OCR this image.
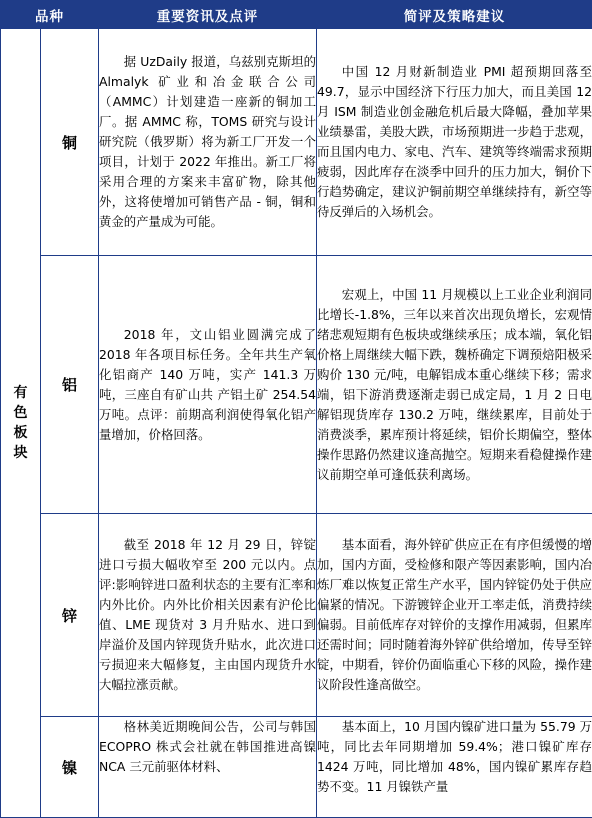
品种		重要资讯及点评	简评及策略建议
有色板块	铜	据 UzDaily 报道，乌兹别克斯坦的 Almalyk 矿业和冶金联合公司（AMMC）计划建造一座新的铜加工厂。据 AMMC 称，TOMS 研究与设计研究院（俄罗斯）将为新工厂开发一个项目，计划于 2022 年推出。新工厂将采用合理的方案来丰富矿物，除其他外，这将使增加可销售产品 - 铜，铜和黄金的产量成为可能。	中国 12 月财新制造业 PMI 超预期回落至 49.7，显示中国经济下行压力加大，而且美国 12 月 ISM 制造业创金融危机后最大降幅，叠加苹果业绩暴雷，美股大跌，市场预期进一步趋于悲观，而且国内电力、家电、汽车、建筑等终端需求预期疲弱，因此库存在淡季中回升的压力加大，铜价下行趋势确定，建议沪铜前期空单继续持有，新空等待反弹后的入场机会。
	铝	2018 年，文山铝业圆满完成了 2018 年各项目标任务。全年共生产氧化铝商产 140 万吨，实产 141.3 万吨，三座自有矿山共 产铝土矿 254.54 万吨。点评：前期高利润使得氧化铝产量增加，价格回落。	宏观上，中国 11 月规模以上工业企业利润同比增长-1.8%，三年以来首次出现负增长，宏观情绪悲观短期有色板块或继续承压；成本端，氧化铝价格上周继续大幅下跌，魏桥确定下调预焙阳极采购价 130 元/吨，电解铝成本重心继续下移；需求端，铝下游消费逐渐走弱已成定局，1 月 2 日电解铝现货库存 130.2 万吨，继续累库，目前处于消费淡季，累库预计将延续，铝价长期偏空，整体操作思路仍然建议逢高抛空。短期来看稳健操作建议前期空单可逢低获利离场。
	锌	截至 2018 年 12 月 29 日，锌锭进口亏损大幅收窄至 200 元以内。点评:影响锌进口盈利状态的主要有汇率和内外比价。内外比价相关因素有沪伦比值、LME 现货对 3 月升贴水、进口到岸溢价及国内锌现货升贴水，此次进口亏损迎来大幅修复，主由国内现货升水大幅拉涨贡献。	基本面看，海外锌矿供应正在有序但缓慢的增加，国内方面，受检修和限产等因素影响，国内冶炼厂难以恢复正常生产水平，国内锌锭仍处于供应偏紧的情况。下游镀锌企业开工率走低，消费持续偏弱。目前低库存对锌价的支撑作用减弱，但累库还需时间；同时随着海外锌矿供给增加，传导至锌锭，中期看，锌价仍面临重心下移的风险，操作建议阶段性逢高做空。
	镍	格林美近期晚间公告，公司与韩国 ECOPRO 株式会社就在韩国推进高镍 NCA 三元前驱体材料、	基本面上，10 月国内镍矿进口量为 55.79 万吨，同比去年同期增加 59.4%；港口镍矿库存 1424 万吨，同比增加 48%，国内镍矿累库存趋势不变。11 月镍铁产量
